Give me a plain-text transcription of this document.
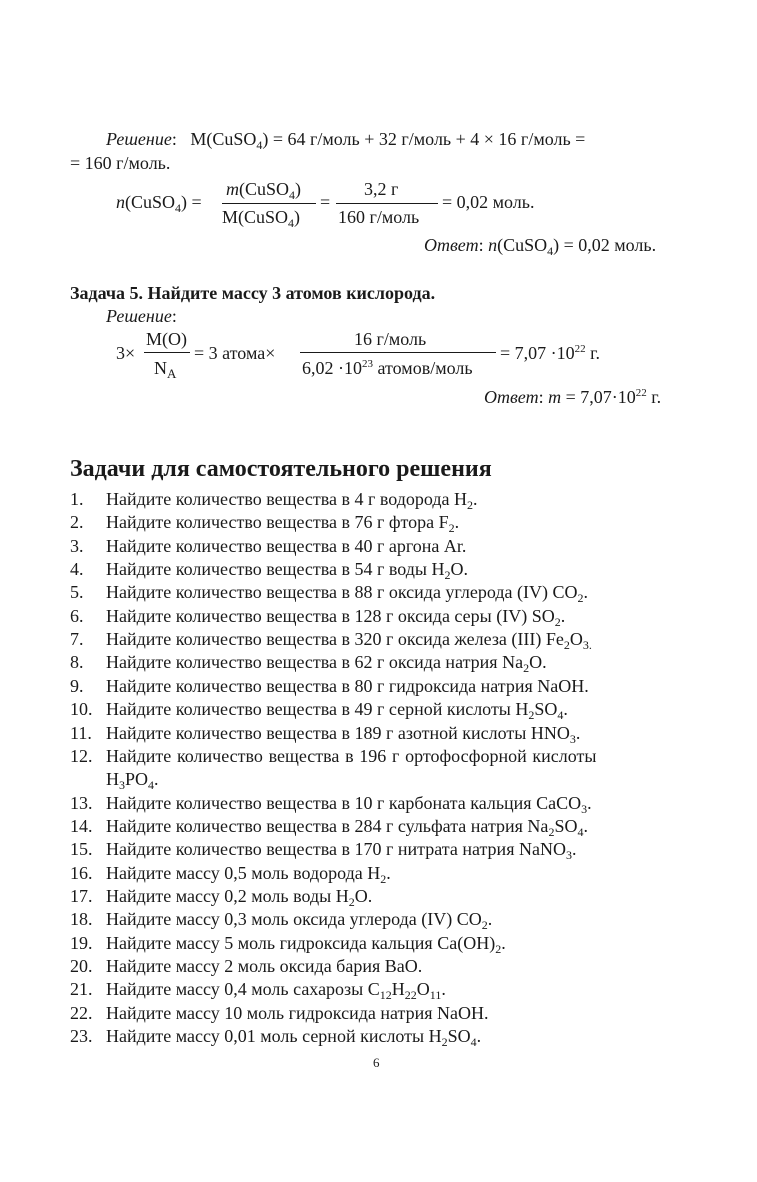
Решение: M(CuSO$_4$) = 64 г/моль + 32 г/моль + 4 × 16 г/моль =
= 160 г/моль.
n(CuSO$_4$) =
m(CuSO$_4$)
M(CuSO$_4$)
=
3,2 г
160 г/моль
= 0,02 моль.
Ответ: n(CuSO$_4$) = 0,02 моль.
Задача 5. Найдите массу 3 атомов кислорода.
Решение:
3×
M(O)
$N_A$
= 3 атома×
16 г/моль
$6,02 \cdot 10^{23}$ атомов/моль
= $7,07 \cdot 10^{22}$ г.
Ответ: $m = 7,07\cdot 10^{22}$ г.
Задачи для самостоятельного решения
1.	Найдите количество вещества в 4 г водорода $H_2$.
2.	Найдите количество вещества в 76 г фтора $F_2$.
3.	Найдите количество вещества в 40 г аргона Ar.
4.	Найдите количество вещества в 54 г воды $H_2O$.
5.	Найдите количество вещества в 88 г оксида углерода (IV) $CO_2$.
6.	Найдите количество вещества в 128 г оксида серы (IV) $SO_2$.
7.	Найдите количество вещества в 320 г оксида железа (III) $Fe_2O_{3.}$
8.	Найдите количество вещества в 62 г оксида натрия $Na_2O$.
9.	Найдите количество вещества в 80 г гидроксида натрия NaOH.
10. Найдите количество вещества в 49 г серной кислоты $H_2SO_4$.
11. Найдите количество вещества в 189 г азотной кислоты $HNO_3$.
12. Найдите количество вещества в 196 г ортофосфорной кислоты
$H_3PO_4$.
13. Найдите количество вещества в 10 г карбоната кальция CaCO$_3$.
14. Найдите количество вещества в 284 г сульфата натрия $Na_2SO_4$.
15. Найдите количество вещества в 170 г нитрата натрия NaNO$_3$.
16. Найдите массу 0,5 моль водорода $H_2$.
17. Найдите массу 0,2 моль воды $H_2O$.
18. Найдите массу 0,3 моль оксида углерода (IV) $CO_2$.
19. Найдите массу 5 моль гидроксида кальция $Ca(OH)_2$.
20. Найдите массу 2 моль оксида бария BaO.
21. Найдите массу 0,4 моль сахарозы $C_{12}H_{22}O_{11}$.
22. Найдите массу 10 моль гидроксида натрия NaOH.
23. Найдите массу 0,01 моль серной кислоты $H_2SO_4$.
6
